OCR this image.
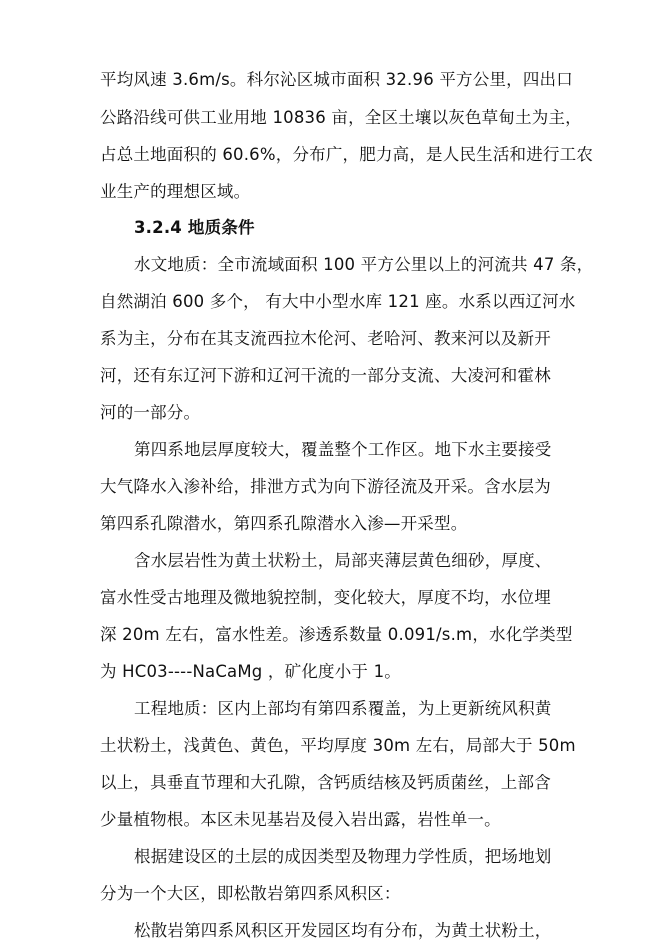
平均风速 3.6m/s。科尔沁区城市面积 32.96 平方公里，四出口
公路沿线可供工业用地 10836 亩，全区土壤以灰色草甸土为主，
占总土地面积的 60.6%，分布广，肥力高，是人民生活和进行工农
业生产的理想区域。
3.2.4 地质条件
水文地质：全市流域面积 100 平方公里以上的河流共 47 条，
自然湖泊 600 多个， 有大中小型水库 121 座。水系以西辽河水
系为主，分布在其支流西拉木伦河、老哈河、教来河以及新开
河，还有东辽河下游和辽河干流的一部分支流、大凌河和霍林
河的一部分。
第四系地层厚度较大，覆盖整个工作区。地下水主要接受
大气降水入渗补给，排泄方式为向下游径流及开采。含水层为
第四系孔隙潜水，第四系孔隙潜水入渗—开采型。
含水层岩性为黄土状粉土，局部夹薄层黄色细砂，厚度、
富水性受古地理及微地貌控制，变化较大，厚度不均，水位埋
深 20m 左右，富水性差。渗透系数量 0.091/s.m，水化学类型
为 HC03----NaCaMg ，矿化度小于 1。
工程地质：区内上部均有第四系覆盖，为上更新统风积黄
土状粉土，浅黄色、黄色，平均厚度 30m 左右，局部大于 50m
以上，具垂直节理和大孔隙，含钙质结核及钙质菌丝，上部含
少量植物根。本区未见基岩及侵入岩出露，岩性单一。
根据建设区的土层的成因类型及物理力学性质，把场地划
分为一个大区，即松散岩第四系风积区：
松散岩第四系风积区开发园区均有分布，为黄土状粉土，
